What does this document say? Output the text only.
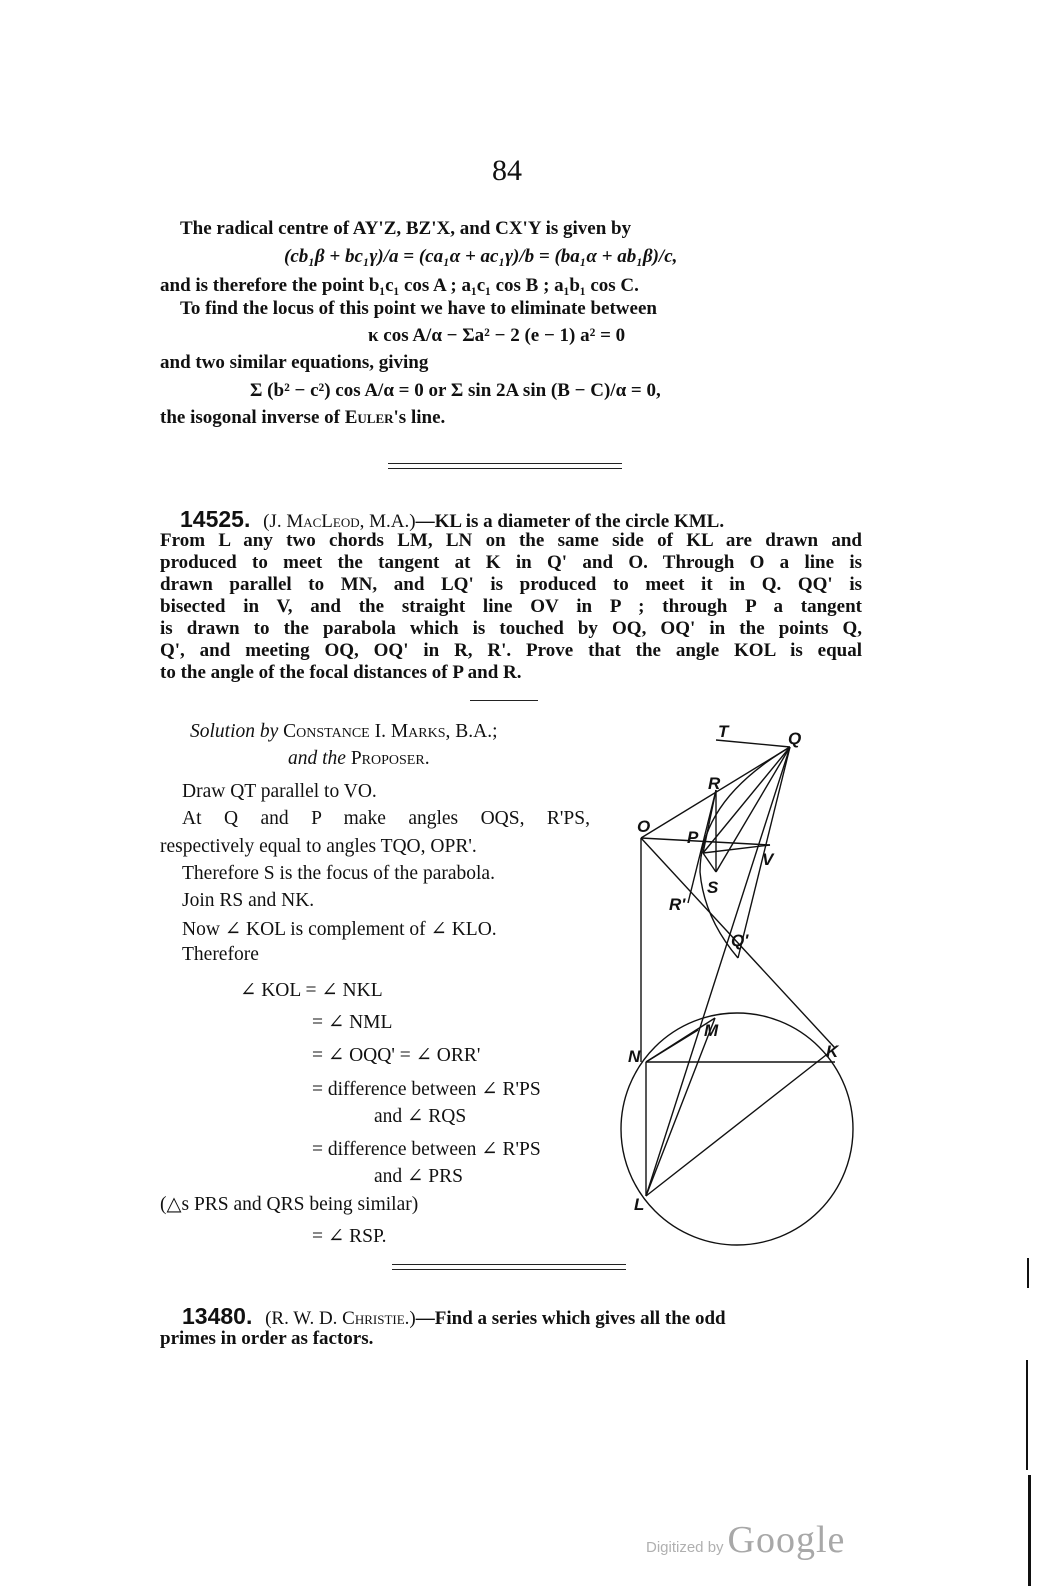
84
The radical centre of AY'Z, BZ'X, and CX'Y is given by
(cb₁β + bc₁γ)/a = (ca₁α + ac₁γ)/b = (ba₁α + ab₁β)/c,
and is therefore the point b₁c₁ cos A ; a₁c₁ cos B ; a₁b₁ cos C.
To find the locus of this point we have to eliminate between
κ cos A/α − Σa² − 2 (e − 1) a² = 0
and two similar equations, giving
Σ (b² − c²) cos A/α = 0 or Σ sin 2A sin (B − C)/α = 0,
the isogonal inverse of Euler's line.
14525. (J. MacLeod, M.A.)—KL is a diameter of the circle KML.
From L any two chords LM, LN on the same side of KL are drawn and
produced to meet the tangent at K in Q' and O. Through O a line is
drawn parallel to MN, and LQ' is produced to meet it in Q. QQ' is
bisected in V, and the straight line OV in P ; through P a tangent
is drawn to the parabola which is touched by OQ, OQ' in the points Q,
Q', and meeting OQ, OQ' in R, R'. Prove that the angle KOL is equal
to the angle of the focal distances of P and R.
Solution by Constance I. Marks, B.A.;
and the Proposer.
Draw QT parallel to VO.
At Q and P make angles OQS, R'PS,
respectively equal to angles TQO, OPR'.
Therefore S is the focus of the parabola.
Join RS and NK.
Now ∠ KOL is complement of ∠ KLO.
Therefore
∠ KOL = ∠ NKL
= ∠ NML
= ∠ OQQ' = ∠ ORR'
= difference between ∠ R'PS
and ∠ RQS
= difference between ∠ R'PS
and ∠ PRS
(△s PRS and QRS being similar)
= ∠ RSP.
T	Q
R
O
P
V
S
R'
Q'
M
N	K
L
13480. (R. W. D. Christie.)—Find a series which gives all the odd
primes in order as factors.
Digitized by Google
